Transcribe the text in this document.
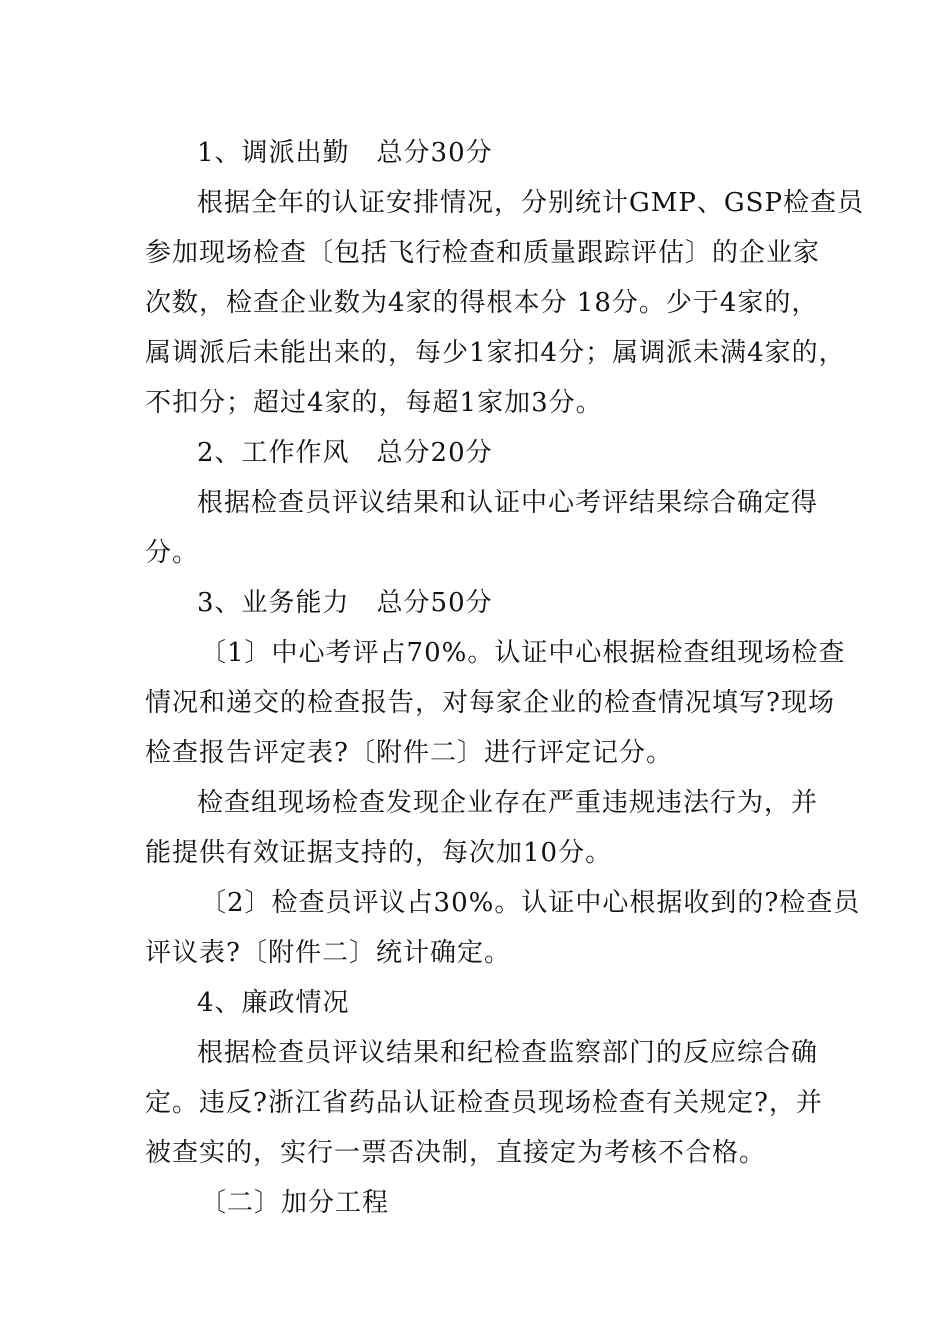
1、调派出勤　总分30分
根据全年的认证安排情况，分别统计GMP、GSP检查员
参加现场检查〔包括飞行检查和质量跟踪评估〕的企业家
次数，检查企业数为4家的得根本分 18分。少于4家的，
属调派后未能出来的，每少1家扣4分；属调派未满4家的，
不扣分；超过4家的，每超1家加3分。
2、工作作风　总分20分
根据检查员评议结果和认证中心考评结果综合确定得
分。
3、业务能力　总分50分
〔1〕中心考评占70%。认证中心根据检查组现场检查
情况和递交的检查报告，对每家企业的检查情况填写?现场
检查报告评定表?〔附件二〕进行评定记分。
检查组现场检查发现企业存在严重违规违法行为，并
能提供有效证据支持的，每次加10分。
〔2〕检查员评议占30%。认证中心根据收到的?检查员
评议表?〔附件二〕统计确定。
4、廉政情况
根据检查员评议结果和纪检查监察部门的反应综合确
定。违反?浙江省药品认证检查员现场检查有关规定?，并
被查实的，实行一票否决制，直接定为考核不合格。
〔二〕加分工程
